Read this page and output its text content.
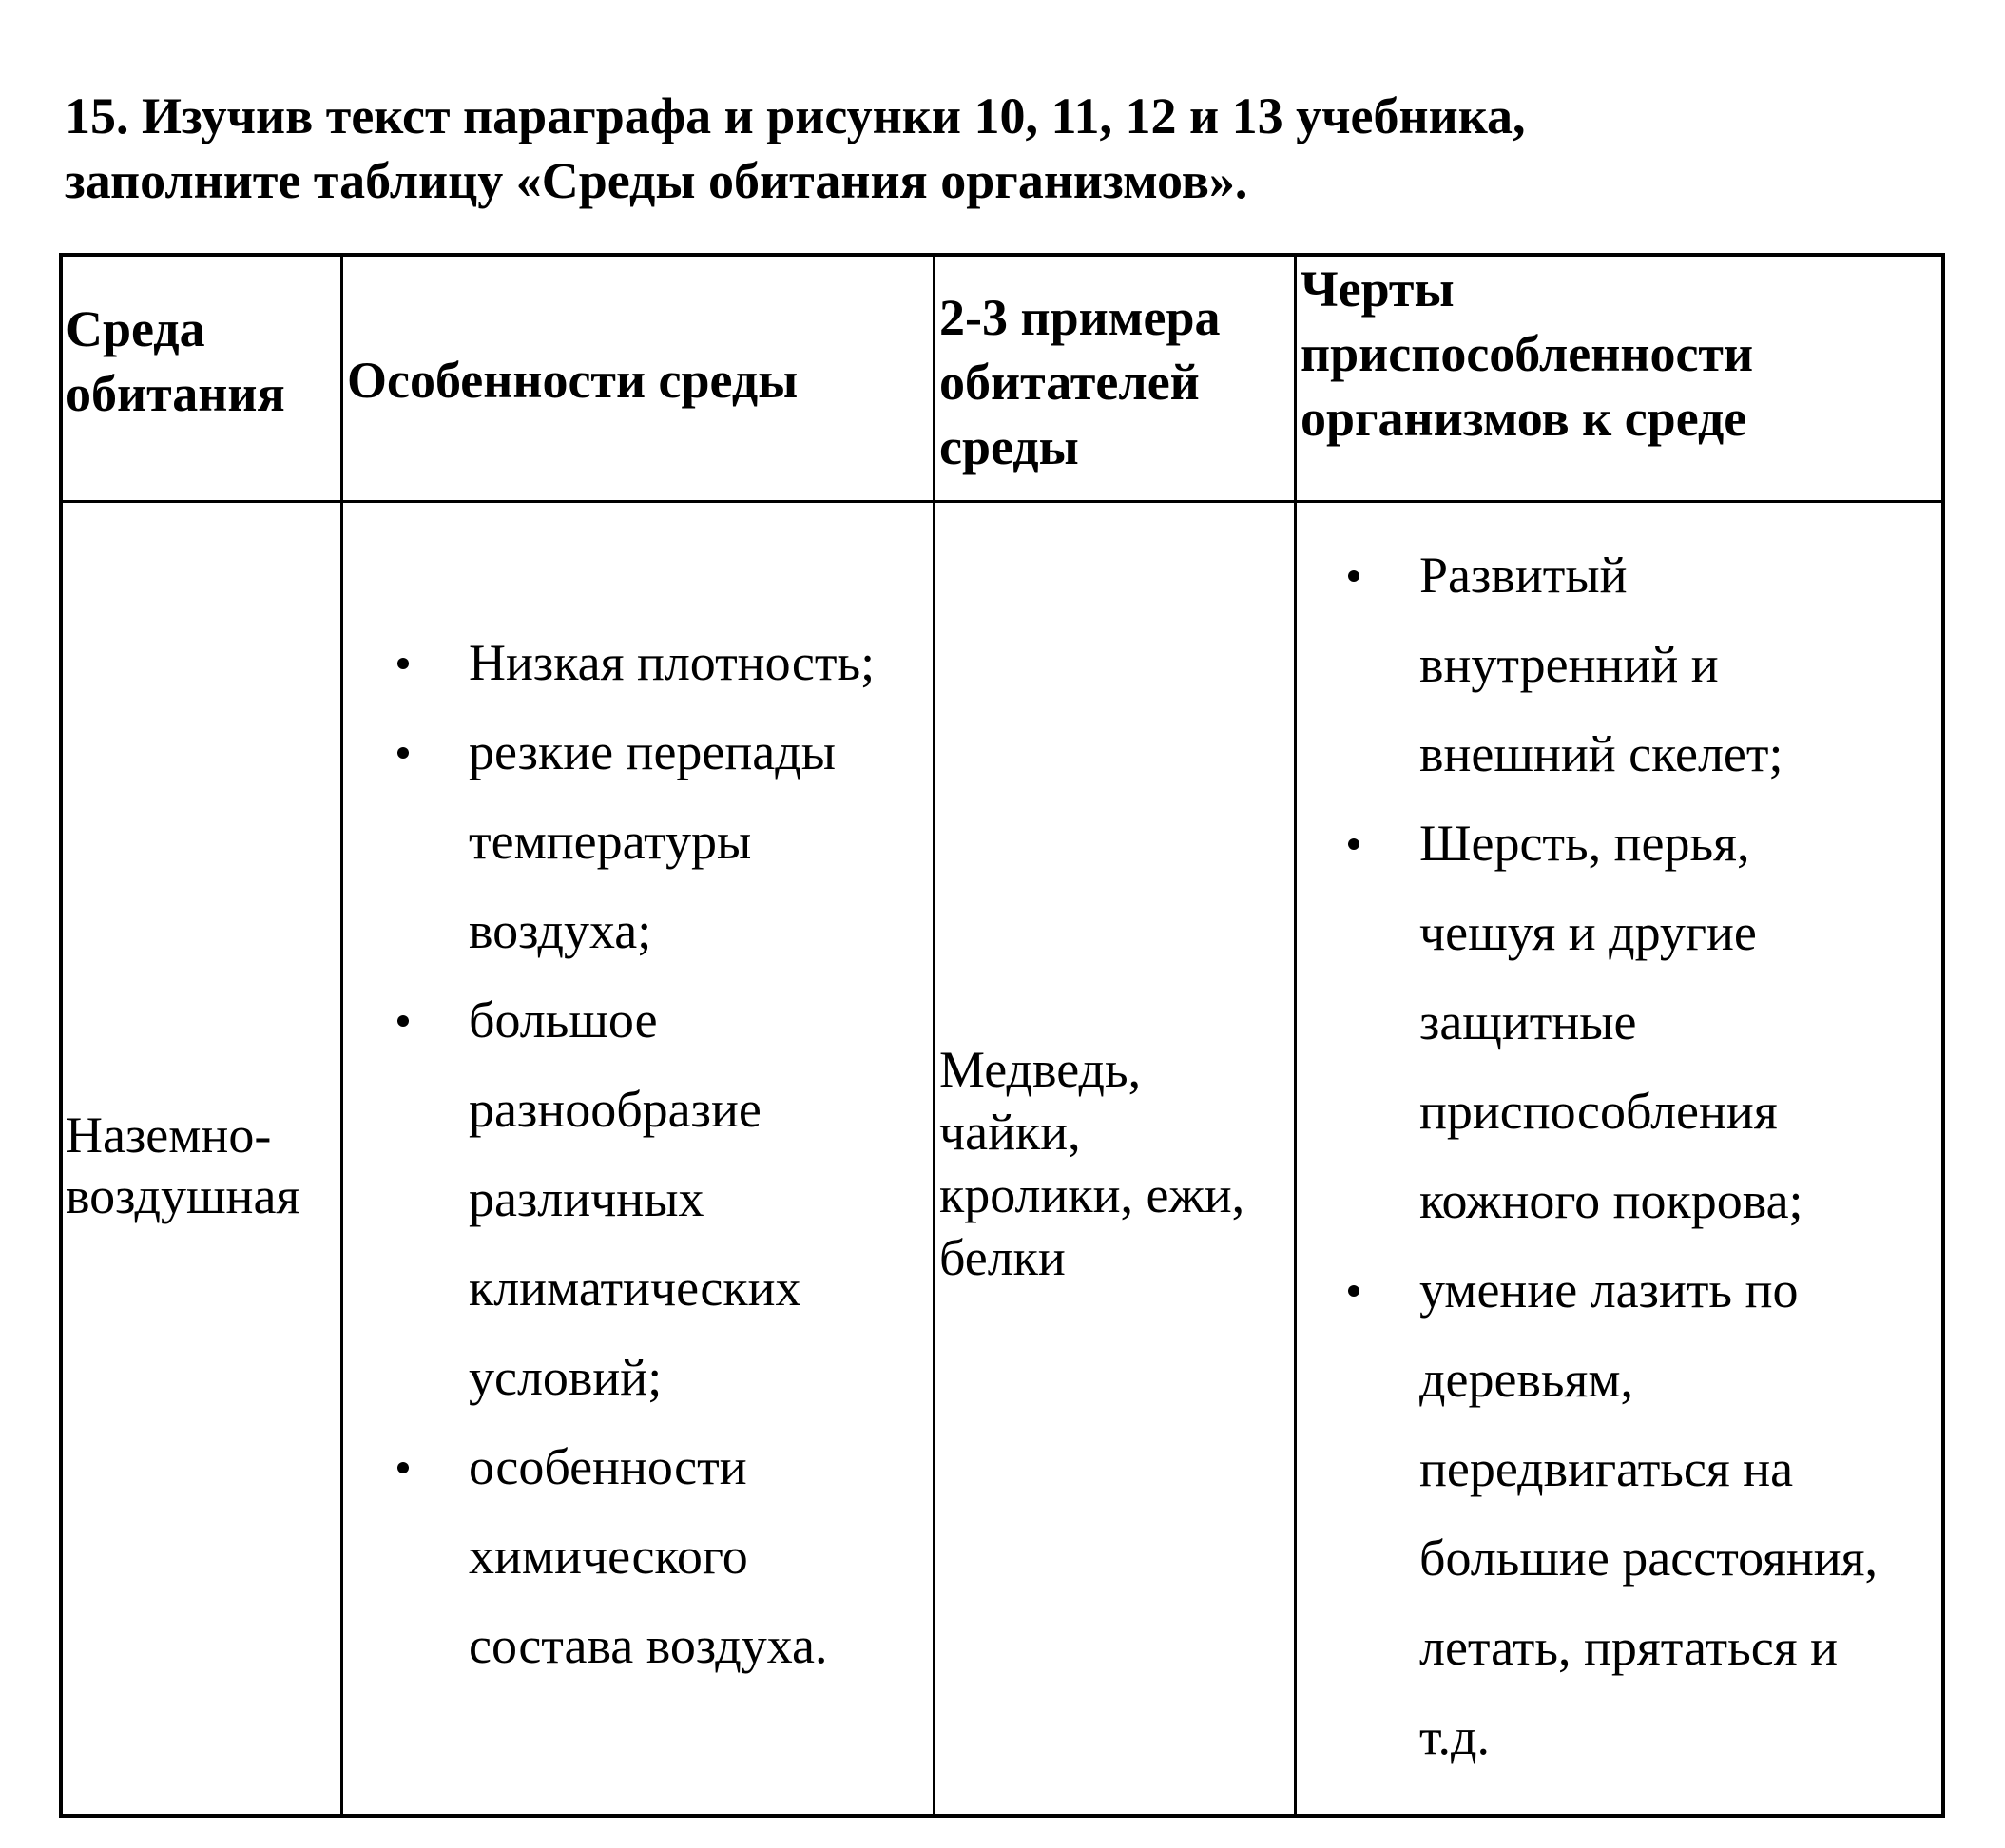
15. Изучив текст параграфа и рисунки 10, 11, 12 и 13 учебника,
заполните таблицу «Среды обитания организмов».
Среда
обитания Особенности среды
2-3 примера
обитателей
среды
Черты
приспособленности
организмов к среде
Наземно-
воздушная
Низкая плотность;
резкие перепады
температуры
воздуха;
большое
разнообразие
различных
климатических
условий;
особенности
химического
состава воздуха.
Медведь,
чайки,
кролики, ежи,
белки
Развитый
внутренний и
внешний скелет;
Шерсть, перья,
чешуя и другие
защитные
приспособления
кожного покрова;
умение лазить по
деревьям,
передвигаться на
большие расстояния,
летать, прятаться и
т.д.
